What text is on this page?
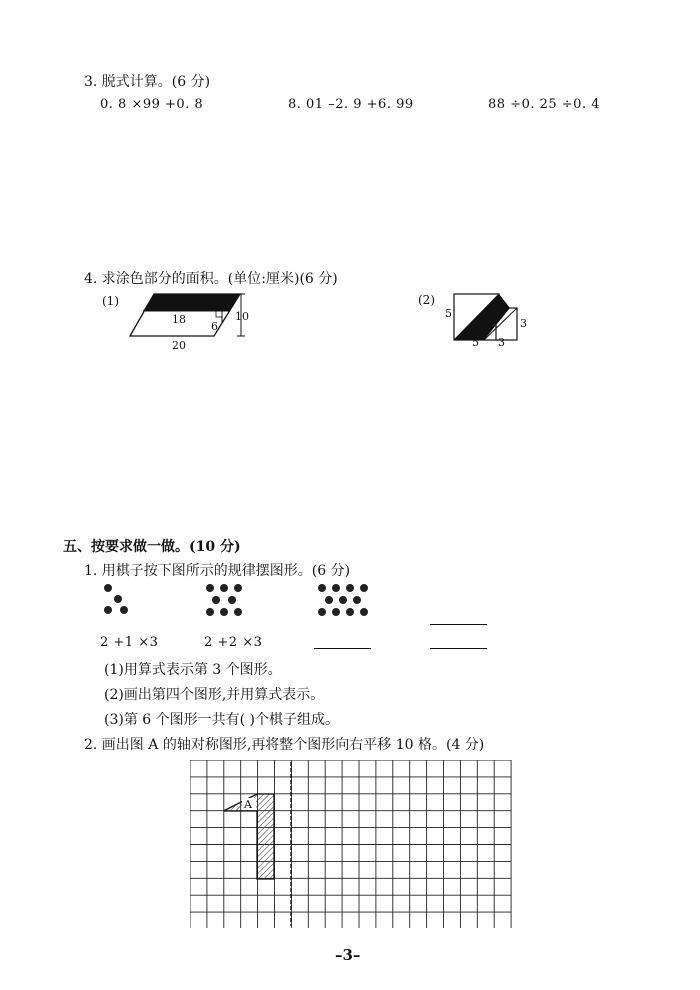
3. 脱式计算。(6 分)
0. 8 ×99 +0. 8	8. 01 –2. 9 +6. 99	88 ÷0. 25 ÷0. 4
4. 求涂色部分的面积。(单位:厘米)(6 分)
(1)
18
6
10
20
(2)
5
3
5 3
五、按要求做一做。(10 分)
1. 用棋子按下图所示的规律摆图形。(6 分)
2 +1 ×3	2 +2 ×3
(1)用算式表示第 3 个图形。
(2)画出第四个图形,并用算式表示。
(3)第 6 个图形一共有( )个棋子组成。
2. 画出图 A 的轴对称图形,再将整个图形向右平移 10 格。(4 分)
A
–3–
